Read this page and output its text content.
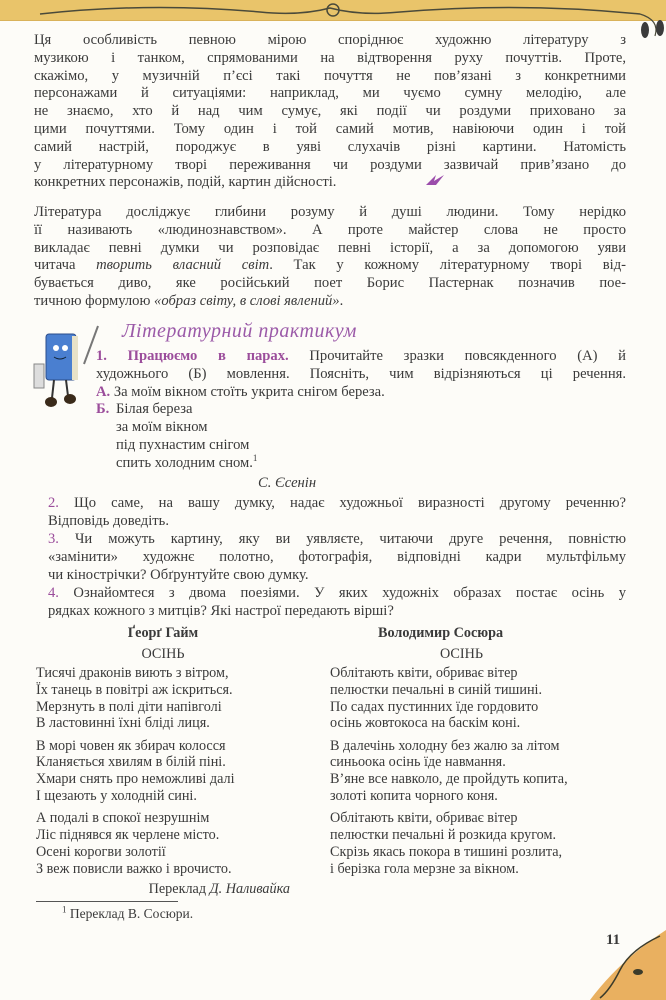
Ця особливість певною мірою споріднює художню літературу з
музикою і танком, спрямованими на відтворення руху почуттів. Проте,
скажімо, у музичній п’єсі такі почуття не пов’язані з конкретними
персонажами й ситуаціями: наприклад, ми чуємо сумну мелодію, але
не знаємо, хто й над чим сумує, які події чи роздуми приховано за
цими почуттями. Тому один і той самий мотив, навіюючи один і той
самий настрій, породжує в уяві слухачів різні картини. Натомість
у літературному творі переживання чи роздуми зазвичай прив’язано до
конкретних персонажів, подій, картин дійсності.
Література досліджує глибини розуму й душі людини. Тому нерідко
її називають «людинознавством». А проте майстер слова не просто
викладає певні думки чи розповідає певні історії, а за допомогою уяви
читача творить власний світ. Так у кожному літературному творі від-
бувається диво, яке російський поет Борис Пастернак позначив пое-
тичною формулою «образ світу, в слові явлений».
Літературний практикум
1. Працюємо в парах. Прочитайте зразки повсякденного (А) й
художнього (Б) мовлення. Поясніть, чим відрізняються ці речення.
А. За моїм вікном стоїть укрита снігом береза.
Б. Білая береза
за моїм вікном
під пухнастим снігом
спить холодним сном.$^1$
С. Єсенін
2. Що саме, на вашу думку, надає художньої виразності другому реченню?
Відповідь доведіть.
3. Чи можуть картину, яку ви уявляєте, читаючи друге речення, повністю
«замінити» художнє полотно, фотографія, відповідні кадри мультфільму
чи кінострічки? Обґрунтуйте свою думку.
4. Ознайомтеся з двома поезіями. У яких художніх образах постає осінь у
рядках кожного з митців? Які настрої передають вірші?
Ґеорґ Гайм
ОСІНЬ
Тисячі драконів виють з вітром,
Їх танець в повітрі аж іскриться.
Мерзнуть в полі діти напівголі
В ластовинні їхні бліді лиця.
В морі човен як збирач колосся
Кланяється хвилям в білій піні.
Хмари снять про неможливі далі
І щезають у холодній сині.
А подалі в спокої незрушнім
Ліс піднявся як черлене місто.
Осені корогви золотії
З веж повисли важко і врочисто.
Переклад Д. Наливайка
Володимир Сосюра
ОСІНЬ
Облітають квіти, обриває вітер
пелюстки печальні в синій тишині.
По садах пустинних їде гордовито
осінь жовтокоса на баскім коні.
В далечінь холодну без жалю за літом
синьоока осінь їде навмання.
В’яне все навколо, де пройдуть копита,
золоті копита чорного коня.
Облітають квіти, обриває вітер
пелюстки печальні й розкида кругом.
Скрізь якась покора в тишині розлита,
і берізка гола мерзне за вікном.
$^1$ Переклад В. Сосюри.
11
